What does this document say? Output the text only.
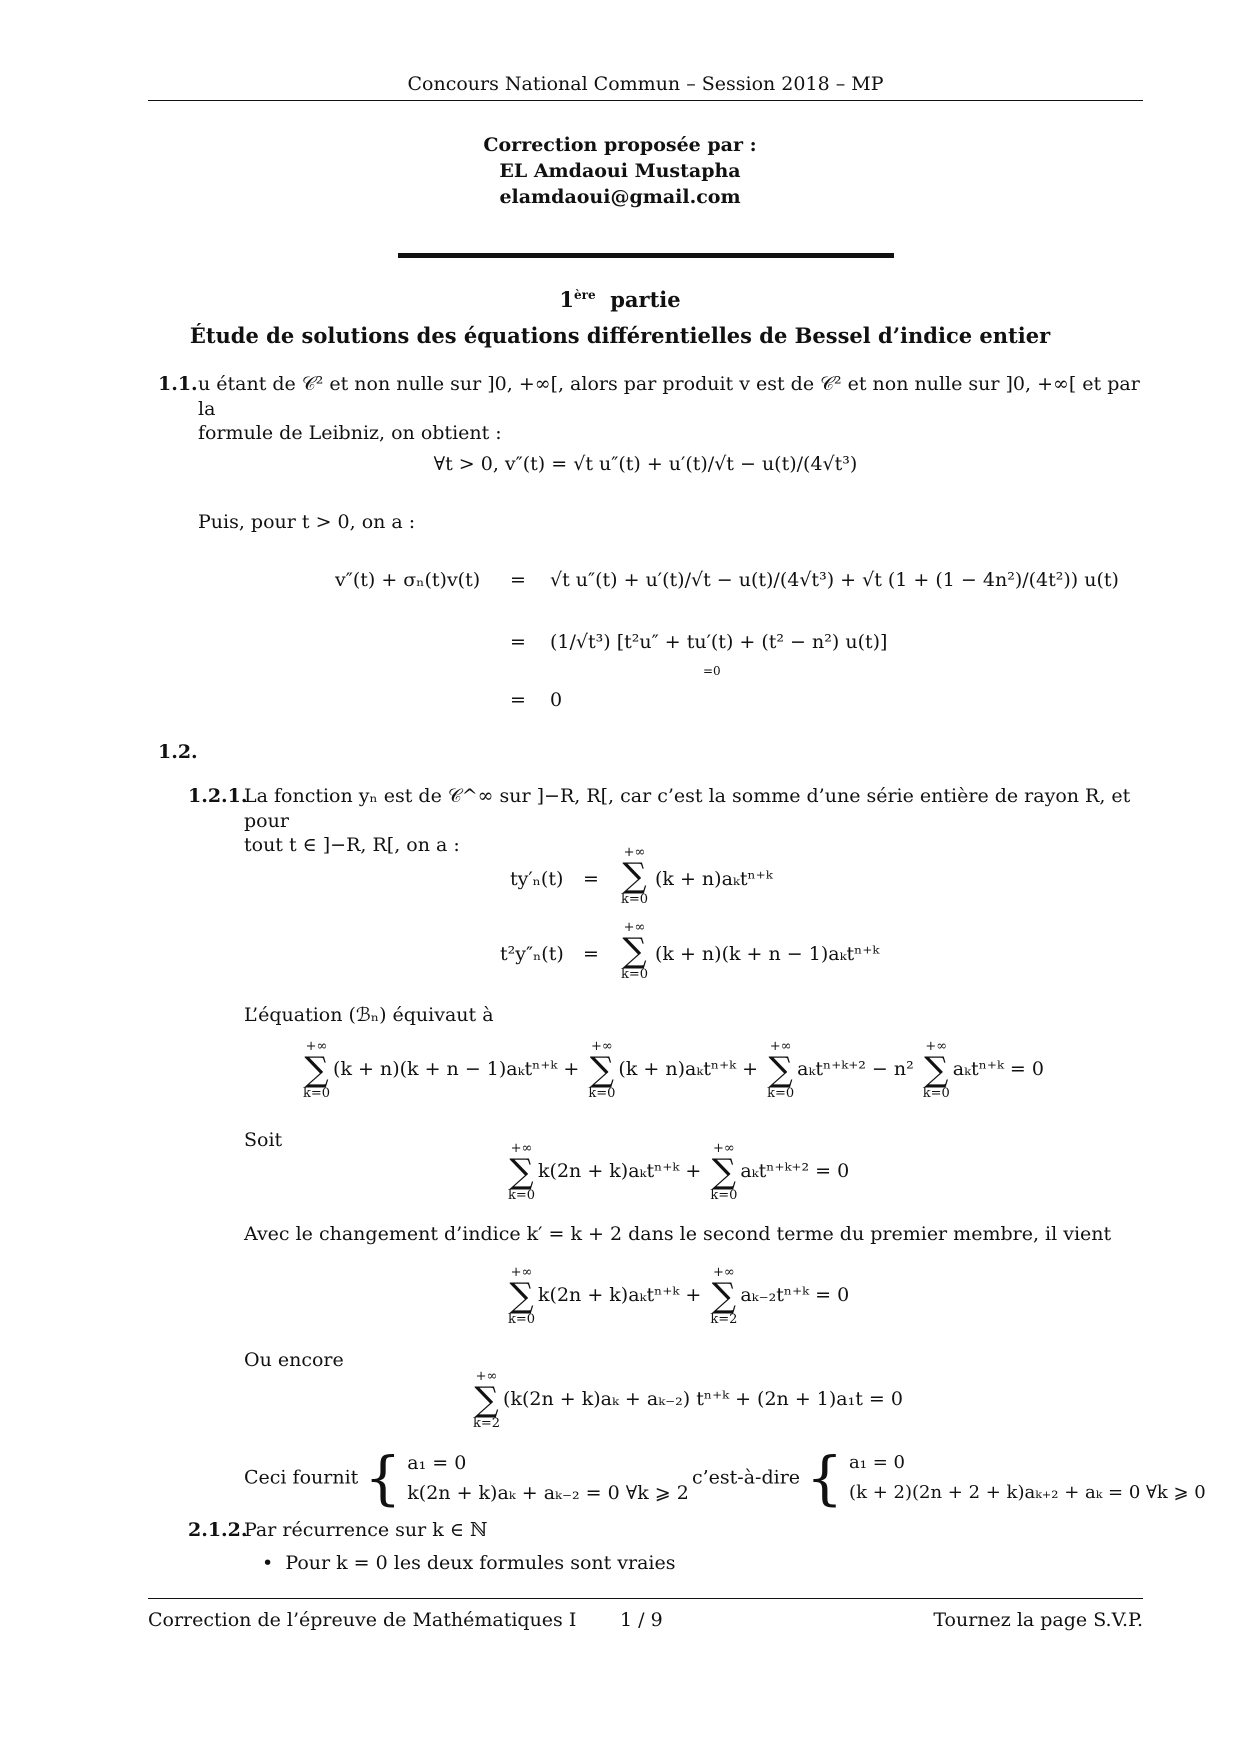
Concours National Commun – Session 2018 – MP
Correction proposée par :
EL Amdaoui Mustapha
elamdaoui@gmail.com
1ère partie
Étude de solutions des équations différentielles de Bessel d’indice entier
1.1. u étant de 𝒞² et non nulle sur ]0, +∞[, alors par produit v est de 𝒞² et non nulle sur ]0, +∞[ et par la
formule de Leibniz, on obtient :
∀t > 0, v″(t) = √t u″(t) + u′(t)/√t − u(t)/(4√t³)
Puis, pour t > 0, on a :
v″(t) + σₙ(t)v(t) = √t u″(t) + u′(t)/√t − u(t)/(4√t³) + √t (1 + (1 − 4n²)/(4t²)) u(t)
= (1/√t³) [t²u″ + tu′(t) + (t² − n²) u(t)]
=0
= 0
1.2.
1.2.1.
La fonction yₙ est de 𝒞^∞ sur ]−R, R[, car c’est la somme d’une série entière de rayon R, et pour
tout t ∈ ]−R, R[, on a :
ty′ₙ(t) =
+∞
∑
k=0
(k + n)aₖtⁿ⁺ᵏ
t²y″ₙ(t) =
+∞
∑
k=0
(k + n)(k + n − 1)aₖtⁿ⁺ᵏ
L’équation (ℬₙ) équivaut à
+∞
∑
k=0
(k + n)(k + n − 1)aₖtⁿ⁺ᵏ +
+∞
∑
k=0
(k + n)aₖtⁿ⁺ᵏ +
+∞
∑
k=0
aₖtⁿ⁺ᵏ⁺² − n²
+∞
∑
k=0
aₖtⁿ⁺ᵏ = 0
Soit	+∞
∑
k=0
k(2n + k)aₖtⁿ⁺ᵏ +
+∞
∑
k=0
aₖtⁿ⁺ᵏ⁺² = 0
Avec le changement d’indice k′ = k + 2 dans le second terme du premier membre, il vient
+∞
∑
k=0
k(2n + k)aₖtⁿ⁺ᵏ +
+∞
∑
k=2
aₖ₋₂tⁿ⁺ᵏ = 0
Ou encore
+∞
∑
k=2
(k(2n + k)aₖ + aₖ₋₂) tⁿ⁺ᵏ + (2n + 1)a₁t = 0
Ceci fournit { a₁ = 0
k(2n + k)aₖ + aₖ₋₂ = 0 ∀k ⩾ 2
c’est-à-dire { a₁ = 0
(k + 2)(2n + 2 + k)aₖ₊₂ + aₖ = 0 ∀k ⩾ 0
2.1.2.
Par récurrence sur k ∈ ℕ
• Pour k = 0 les deux formules sont vraies
Correction de l’épreuve de Mathématiques I 1 / 9	Tournez la page S.V.P.
